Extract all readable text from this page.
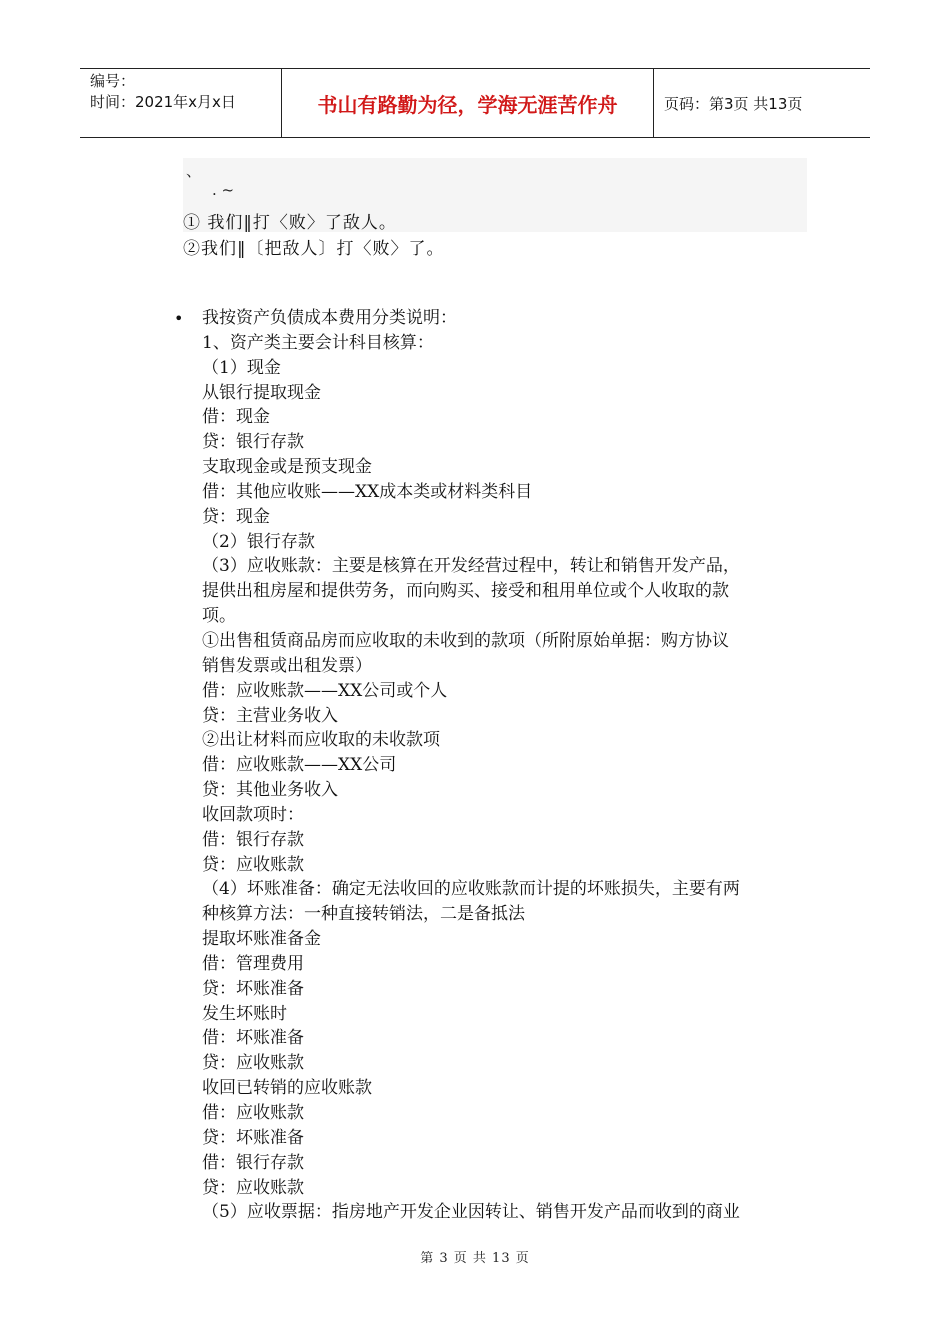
编号：
时间：2021年x月x日	书山有路勤为径，学海无涯苦作舟	页码：第3页 共13页
、
. ~
① 我们‖打〈败〉了敌人。
②我们‖〔把敌人〕打〈败〉了。
• 我按资产负债成本费用分类说明：

1、资产类主要会计科目核算：

（1）现金

从银行提取现金

借：现金

贷：银行存款

支取现金或是预支现金

借：其他应收账——XX成本类或材料类科目

贷：现金

（2）银行存款

（3）应收账款：主要是核算在开发经营过程中，转让和销售开发产品，

提供出租房屋和提供劳务，而向购买、接受和租用单位或个人收取的款

项。

①出售租赁商品房而应收取的未收到的款项（所附原始单据：购方协议

销售发票或出租发票）

借：应收账款——XX公司或个人

贷：主营业务收入

②出让材料而应收取的未收款项

借：应收账款——XX公司

贷：其他业务收入

收回款项时：

借：银行存款

贷：应收账款

（4）坏账准备：确定无法收回的应收账款而计提的坏账损失，主要有两

种核算方法：一种直接转销法，二是备抵法

提取坏账准备金

借：管理费用

贷：坏账准备

发生坏账时

借：坏账准备

贷：应收账款

收回已转销的应收账款

借：应收账款

贷：坏账准备

借：银行存款

贷：应收账款

（5）应收票据：指房地产开发企业因转让、销售开发产品而收到的商业

第 3 页 共 13 页
